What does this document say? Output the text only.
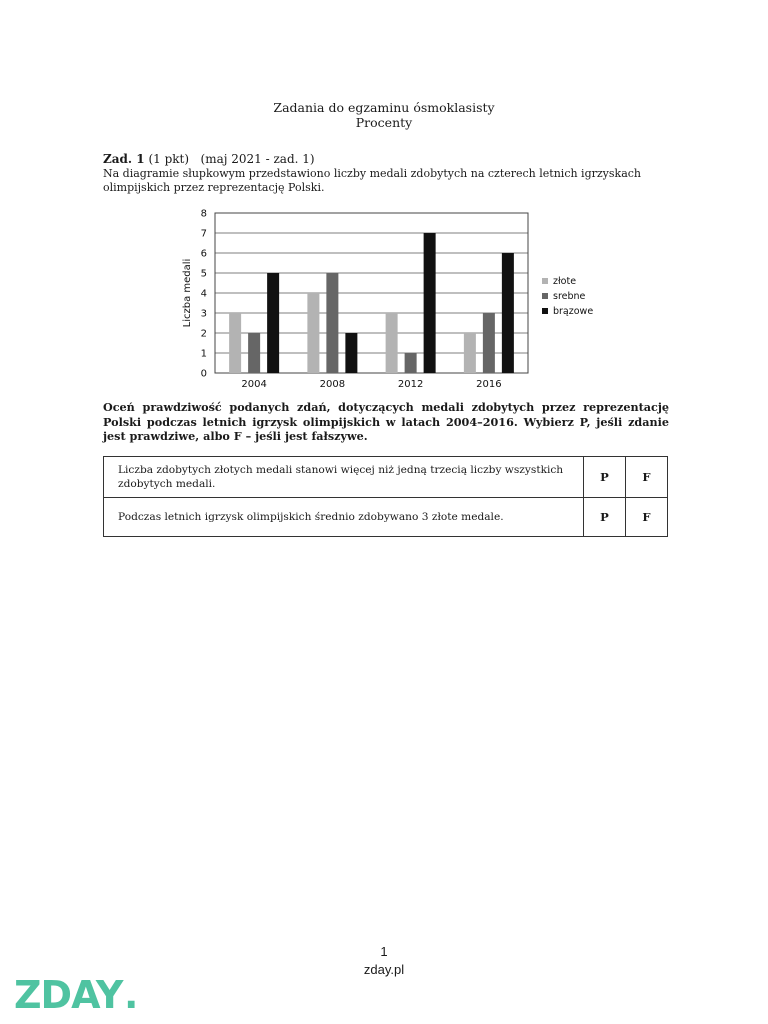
Zadania do egzaminu ósmoklasisty
Procenty
Zad. 1 (1 pkt) (maj 2021 - zad. 1)
Na diagramie słupkowym przedstawiono liczby medali zdobytych na czterech letnich igrzyskach olimpijskich przez reprezentację Polski.
0
1
2
3
4
5
6
7
8
Liczba medali
2004	2008	2012	2016
złote
srebne
brązowe
Oceń prawdziwość podanych zdań, dotyczących medali zdobytych przez reprezentację Polski podczas letnich igrzysk olimpijskich w latach 2004–2016. Wybierz P, jeśli zdanie jest prawdziwe, albo F – jeśli jest fałszywe.
Liczba zdobytych złotych medali stanowi więcej niż jedną trzecią liczby wszystkich zdobytych medali.	P	F
Podczas letnich igrzysk olimpijskich średnio zdobywano 3 złote medale.	P	F
1
zday.pl
ZDAY .
